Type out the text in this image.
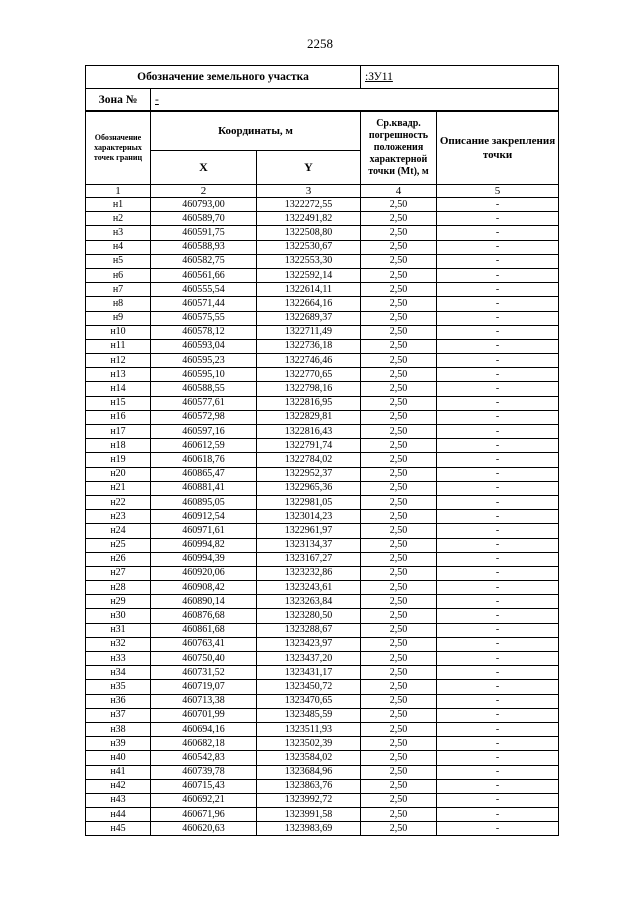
2258
Обозначение земельного участка	:ЗУ11
Зона №	-
Обозначение характерных точек границ	Координаты, м		Ср.квадр. погрешность положения характерной точки (Mt), м	Описание закрепления точки
	X	Y		
1	2	3	4	5
н1	460793,00	1322272,55	2,50	-
н2	460589,70	1322491,82	2,50	-
н3	460591,75	1322508,80	2,50	-
н4	460588,93	1322530,67	2,50	-
н5	460582,75	1322553,30	2,50	-
н6	460561,66	1322592,14	2,50	-
н7	460555,54	1322614,11	2,50	-
н8	460571,44	1322664,16	2,50	-
н9	460575,55	1322689,37	2,50	-
н10	460578,12	1322711,49	2,50	-
н11	460593,04	1322736,18	2,50	-
н12	460595,23	1322746,46	2,50	-
н13	460595,10	1322770,65	2,50	-
н14	460588,55	1322798,16	2,50	-
н15	460577,61	1322816,95	2,50	-
н16	460572,98	1322829,81	2,50	-
н17	460597,16	1322816,43	2,50	-
н18	460612,59	1322791,74	2,50	-
н19	460618,76	1322784,02	2,50	-
н20	460865,47	1322952,37	2,50	-
н21	460881,41	1322965,36	2,50	-
н22	460895,05	1322981,05	2,50	-
н23	460912,54	1323014,23	2,50	-
н24	460971,61	1322961,97	2,50	-
н25	460994,82	1323134,37	2,50	-
н26	460994,39	1323167,27	2,50	-
н27	460920,06	1323232,86	2,50	-
н28	460908,42	1323243,61	2,50	-
н29	460890,14	1323263,84	2,50	-
н30	460876,68	1323280,50	2,50	-
н31	460861,68	1323288,67	2,50	-
н32	460763,41	1323423,97	2,50	-
н33	460750,40	1323437,20	2,50	-
н34	460731,52	1323431,17	2,50	-
н35	460719,07	1323450,72	2,50	-
н36	460713,38	1323470,65	2,50	-
н37	460701,99	1323485,59	2,50	-
н38	460694,16	1323511,93	2,50	-
н39	460682,18	1323502,39	2,50	-
н40	460542,83	1323584,02	2,50	-
н41	460739,78	1323684,96	2,50	-
н42	460715,43	1323863,76	2,50	-
н43	460692,21	1323992,72	2,50	-
н44	460671,96	1323991,58	2,50	-
н45	460620,63	1323983,69	2,50	-
